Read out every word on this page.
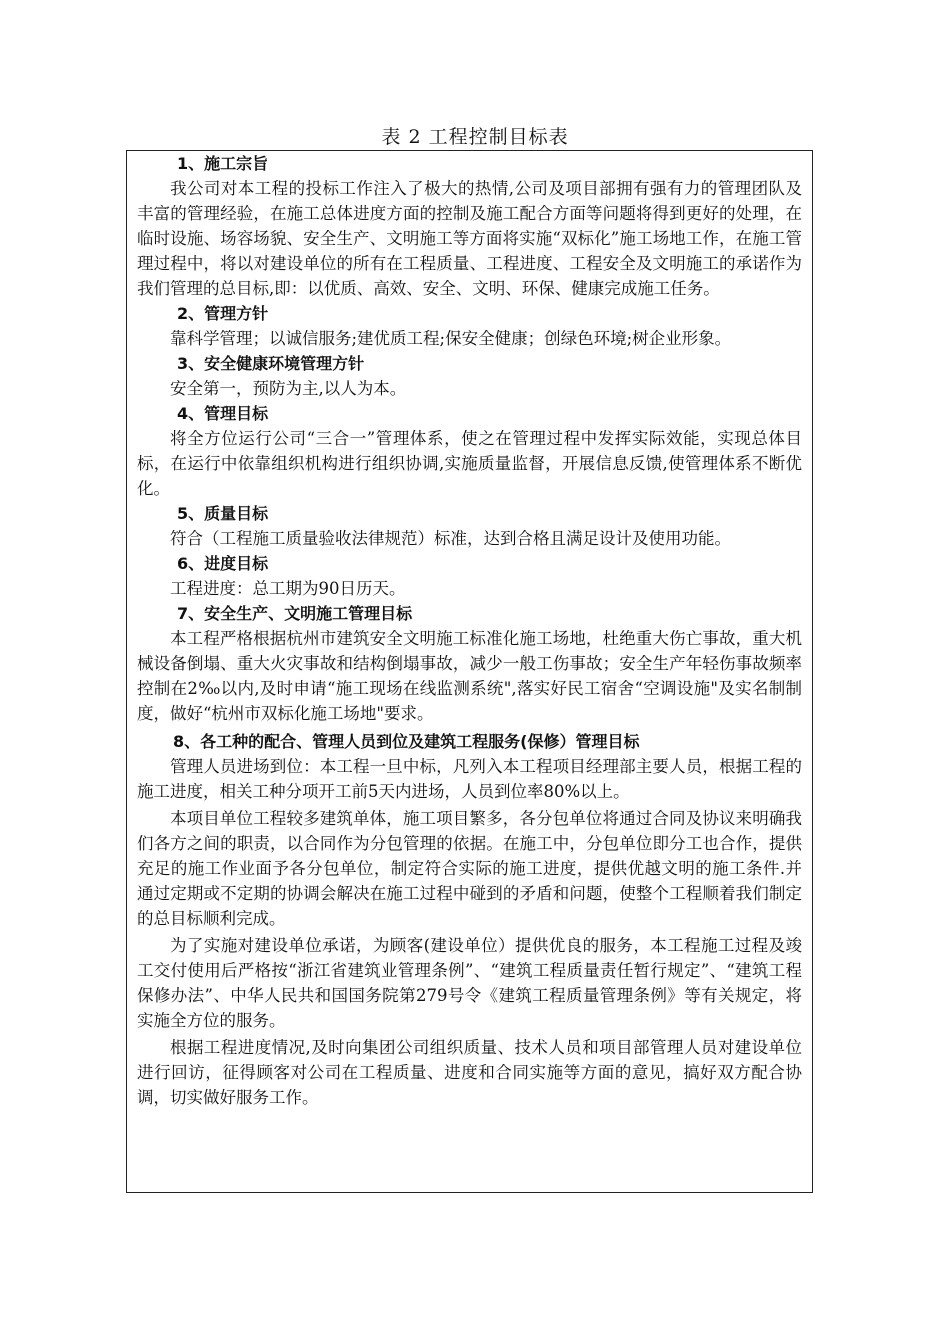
表 2 工程控制目标表
1、施工宗旨

我公司对本工程的投标工作注入了极大的热情,公司及项目部拥有强有力的管理团队及丰富的管理经验，在施工总体进度方面的控制及施工配合方面等问题将得到更好的处理，在临时设施、场容场貌、安全生产、文明施工等方面将实施“双标化”施工场地工作，在施工管理过程中，将以对建设单位的所有在工程质量、工程进度、工程安全及文明施工的承诺作为我们管理的总目标,即：以优质、高效、安全、文明、环保、健康完成施工任务。

2、管理方针

靠科学管理；以诚信服务;建优质工程;保安全健康；创绿色环境;树企业形象。

3、安全健康环境管理方针

安全第一，预防为主,以人为本。

4、管理目标

将全方位运行公司“三合一”管理体系，使之在管理过程中发挥实际效能，实现总体目标，在运行中依靠组织机构进行组织协调,实施质量监督，开展信息反馈,使管理体系不断优化。

5、质量目标

符合（工程施工质量验收法律规范）标准，达到合格且满足设计及使用功能。

6、进度目标

工程进度：总工期为90日历天。

7、安全生产、文明施工管理目标

本工程严格根据杭州市建筑安全文明施工标准化施工场地，杜绝重大伤亡事故，重大机械设备倒塌、重大火灾事故和结构倒塌事故，减少一般工伤事故；安全生产年轻伤事故频率控制在2‰以内,及时申请“施工现场在线监测系统",落实好民工宿舍“空调设施"及实名制制度，做好“杭州市双标化施工场地"要求。

8、各工种的配合、管理人员到位及建筑工程服务(保修）管理目标

管理人员进场到位：本工程一旦中标，凡列入本工程项目经理部主要人员，根据工程的施工进度，相关工种分项开工前5天内进场，人员到位率80%以上。

本项目单位工程较多建筑单体，施工项目繁多，各分包单位将通过合同及协议来明确我们各方之间的职责，以合同作为分包管理的依据。在施工中，分包单位即分工也合作，提供充足的施工作业面予各分包单位，制定符合实际的施工进度，提供优越文明的施工条件.并通过定期或不定期的协调会解决在施工过程中碰到的矛盾和问题，使整个工程顺着我们制定的总目标顺利完成。

为了实施对建设单位承诺，为顾客(建设单位）提供优良的服务，本工程施工过程及竣工交付使用后严格按“浙江省建筑业管理条例”、“建筑工程质量责任暂行规定”、“建筑工程保修办法”、中华人民共和国国务院第279号令《建筑工程质量管理条例》等有关规定，将实施全方位的服务。

根据工程进度情况,及时向集团公司组织质量、技术人员和项目部管理人员对建设单位进行回访，征得顾客对公司在工程质量、进度和合同实施等方面的意见，搞好双方配合协调，切实做好服务工作。
